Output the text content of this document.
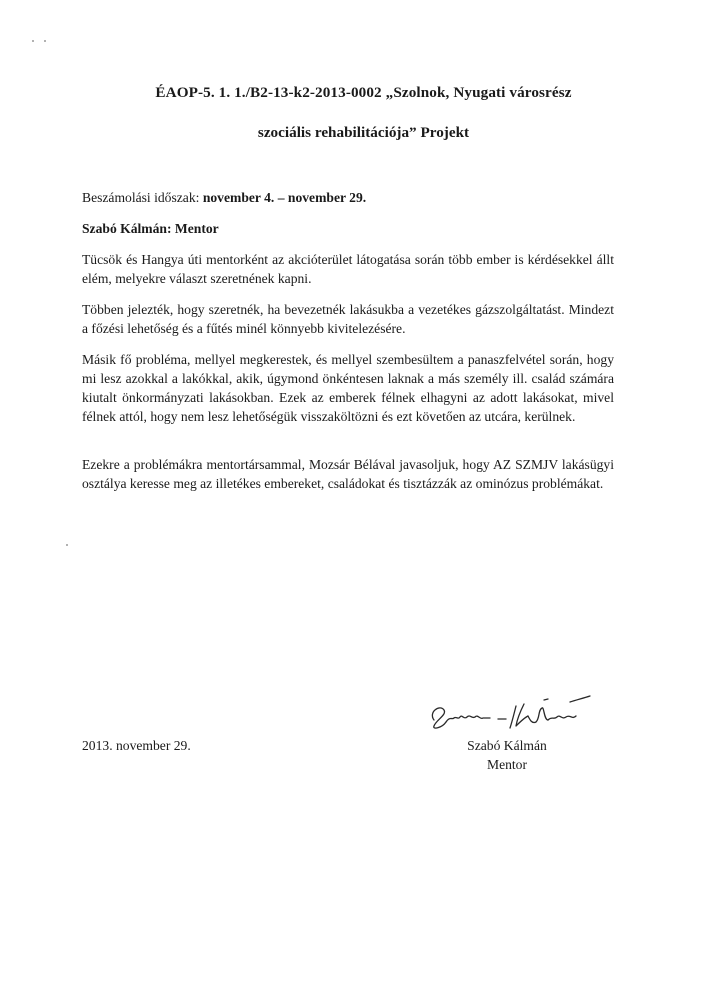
ÉAOP-5. 1. 1./B2-13-k2-2013-0002 „Szolnok, Nyugati városrész
szociális rehabilitációja” Projekt
Beszámolási időszak: november 4. – november 29.
Szabó Kálmán: Mentor

Tücsök és Hangya úti mentorként az akcióterület látogatása során több ember is kérdésekkel állt elém, melyekre választ szeretnének kapni.

Többen jelezték, hogy szeretnék, ha bevezetnék lakásukba a vezetékes gázszolgáltatást. Mindezt a főzési lehetőség és a fűtés minél könnyebb kivitelezésére.

Másik fő probléma, mellyel megkerestek, és mellyel szembesültem a panaszfelvétel során, hogy mi lesz azokkal a lakókkal, akik, úgymond önkéntesen laknak a más személy ill. család számára kiutalt önkormányzati lakásokban. Ezek az emberek félnek elhagyni az adott lakásokat, mivel félnek attól, hogy nem lesz lehetőségük visszaköltözni és ezt követően az utcára, kerülnek.

Ezekre a problémákra mentortársammal, Mozsár Bélával javasoljuk, hogy AZ SZMJV lakásügyi osztálya keresse meg az illetékes embereket, családokat és tisztázzák az ominózus problémákat.

2013. november 29.	Szabó Kálmán
Mentor
